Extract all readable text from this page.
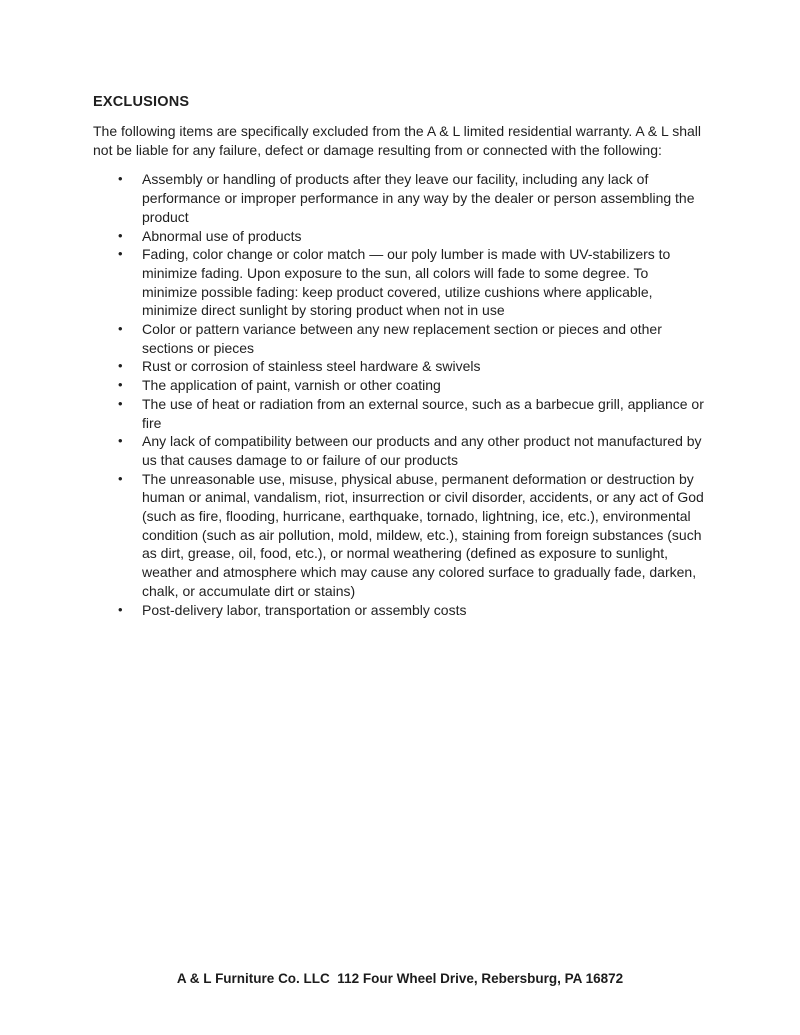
EXCLUSIONS

The following items are specifically excluded from the A & L limited residential warranty. A & L shall not be liable for any failure, defect or damage resulting from or connected with the following:

•	Assembly or handling of products after they leave our facility, including any lack of performance or improper performance in any way by the dealer or person assembling the product
•	Abnormal use of products
•	Fading, color change or color match — our poly lumber is made with UV-stabilizers to minimize fading. Upon exposure to the sun, all colors will fade to some degree. To minimize possible fading: keep product covered, utilize cushions where applicable, minimize direct sunlight by storing product when not in use
•	Color or pattern variance between any new replacement section or pieces and other sections or pieces
•	Rust or corrosion of stainless steel hardware & swivels
•	The application of paint, varnish or other coating
•	The use of heat or radiation from an external source, such as a barbecue grill, appliance or fire
•	Any lack of compatibility between our products and any other product not manufactured by us that causes damage to or failure of our products
•	The unreasonable use, misuse, physical abuse, permanent deformation or destruction by human or animal, vandalism, riot, insurrection or civil disorder, accidents, or any act of God (such as fire, flooding, hurricane, earthquake, tornado, lightning, ice, etc.), environmental condition (such as air pollution, mold, mildew, etc.), staining from foreign substances (such as dirt, grease, oil, food, etc.), or normal weathering (defined as exposure to sunlight, weather and atmosphere which may cause any colored surface to gradually fade, darken, chalk, or accumulate dirt or stains)
•	Post-delivery labor, transportation or assembly costs
A & L Furniture Co. LLC  112 Four Wheel Drive, Rebersburg, PA 16872
